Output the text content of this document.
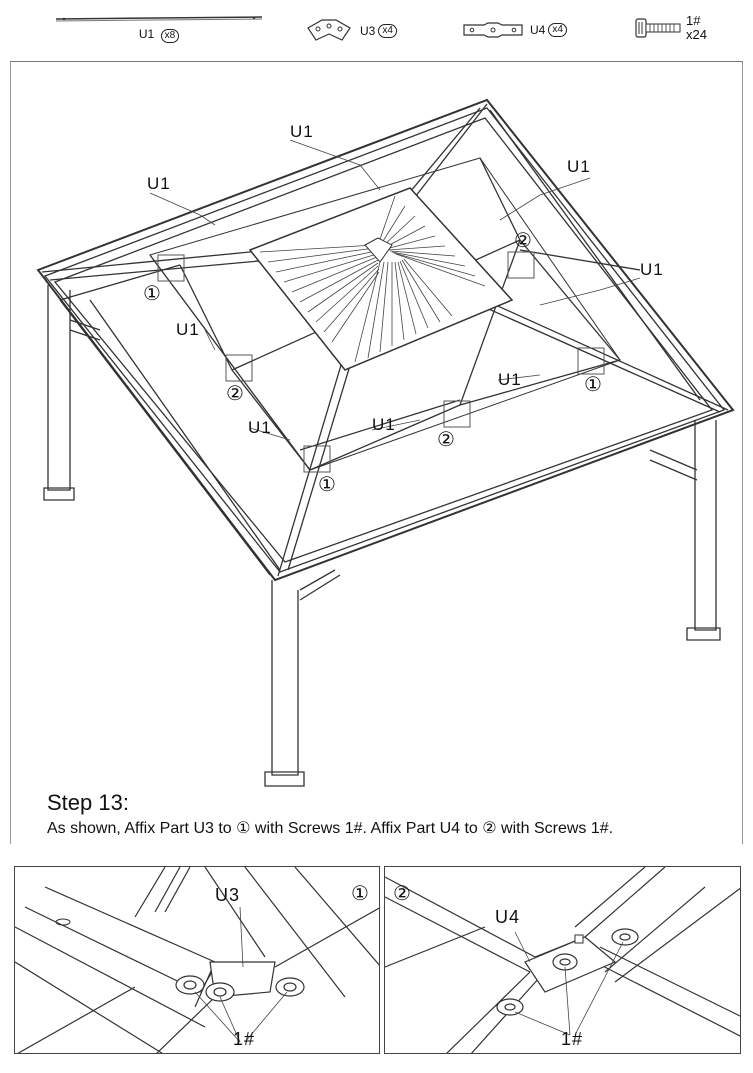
U1 x8	U3 x4	U4 x4
1#
x24
U1
U1
U1
U1
U1
U1
U1
U1
①
②
②	①
②
①
Step 13:
As shown, Affix Part U3 to ① with Screws 1#. Affix Part U4 to ② with Screws 1#.
U3	①
1#
②
U4
1#
